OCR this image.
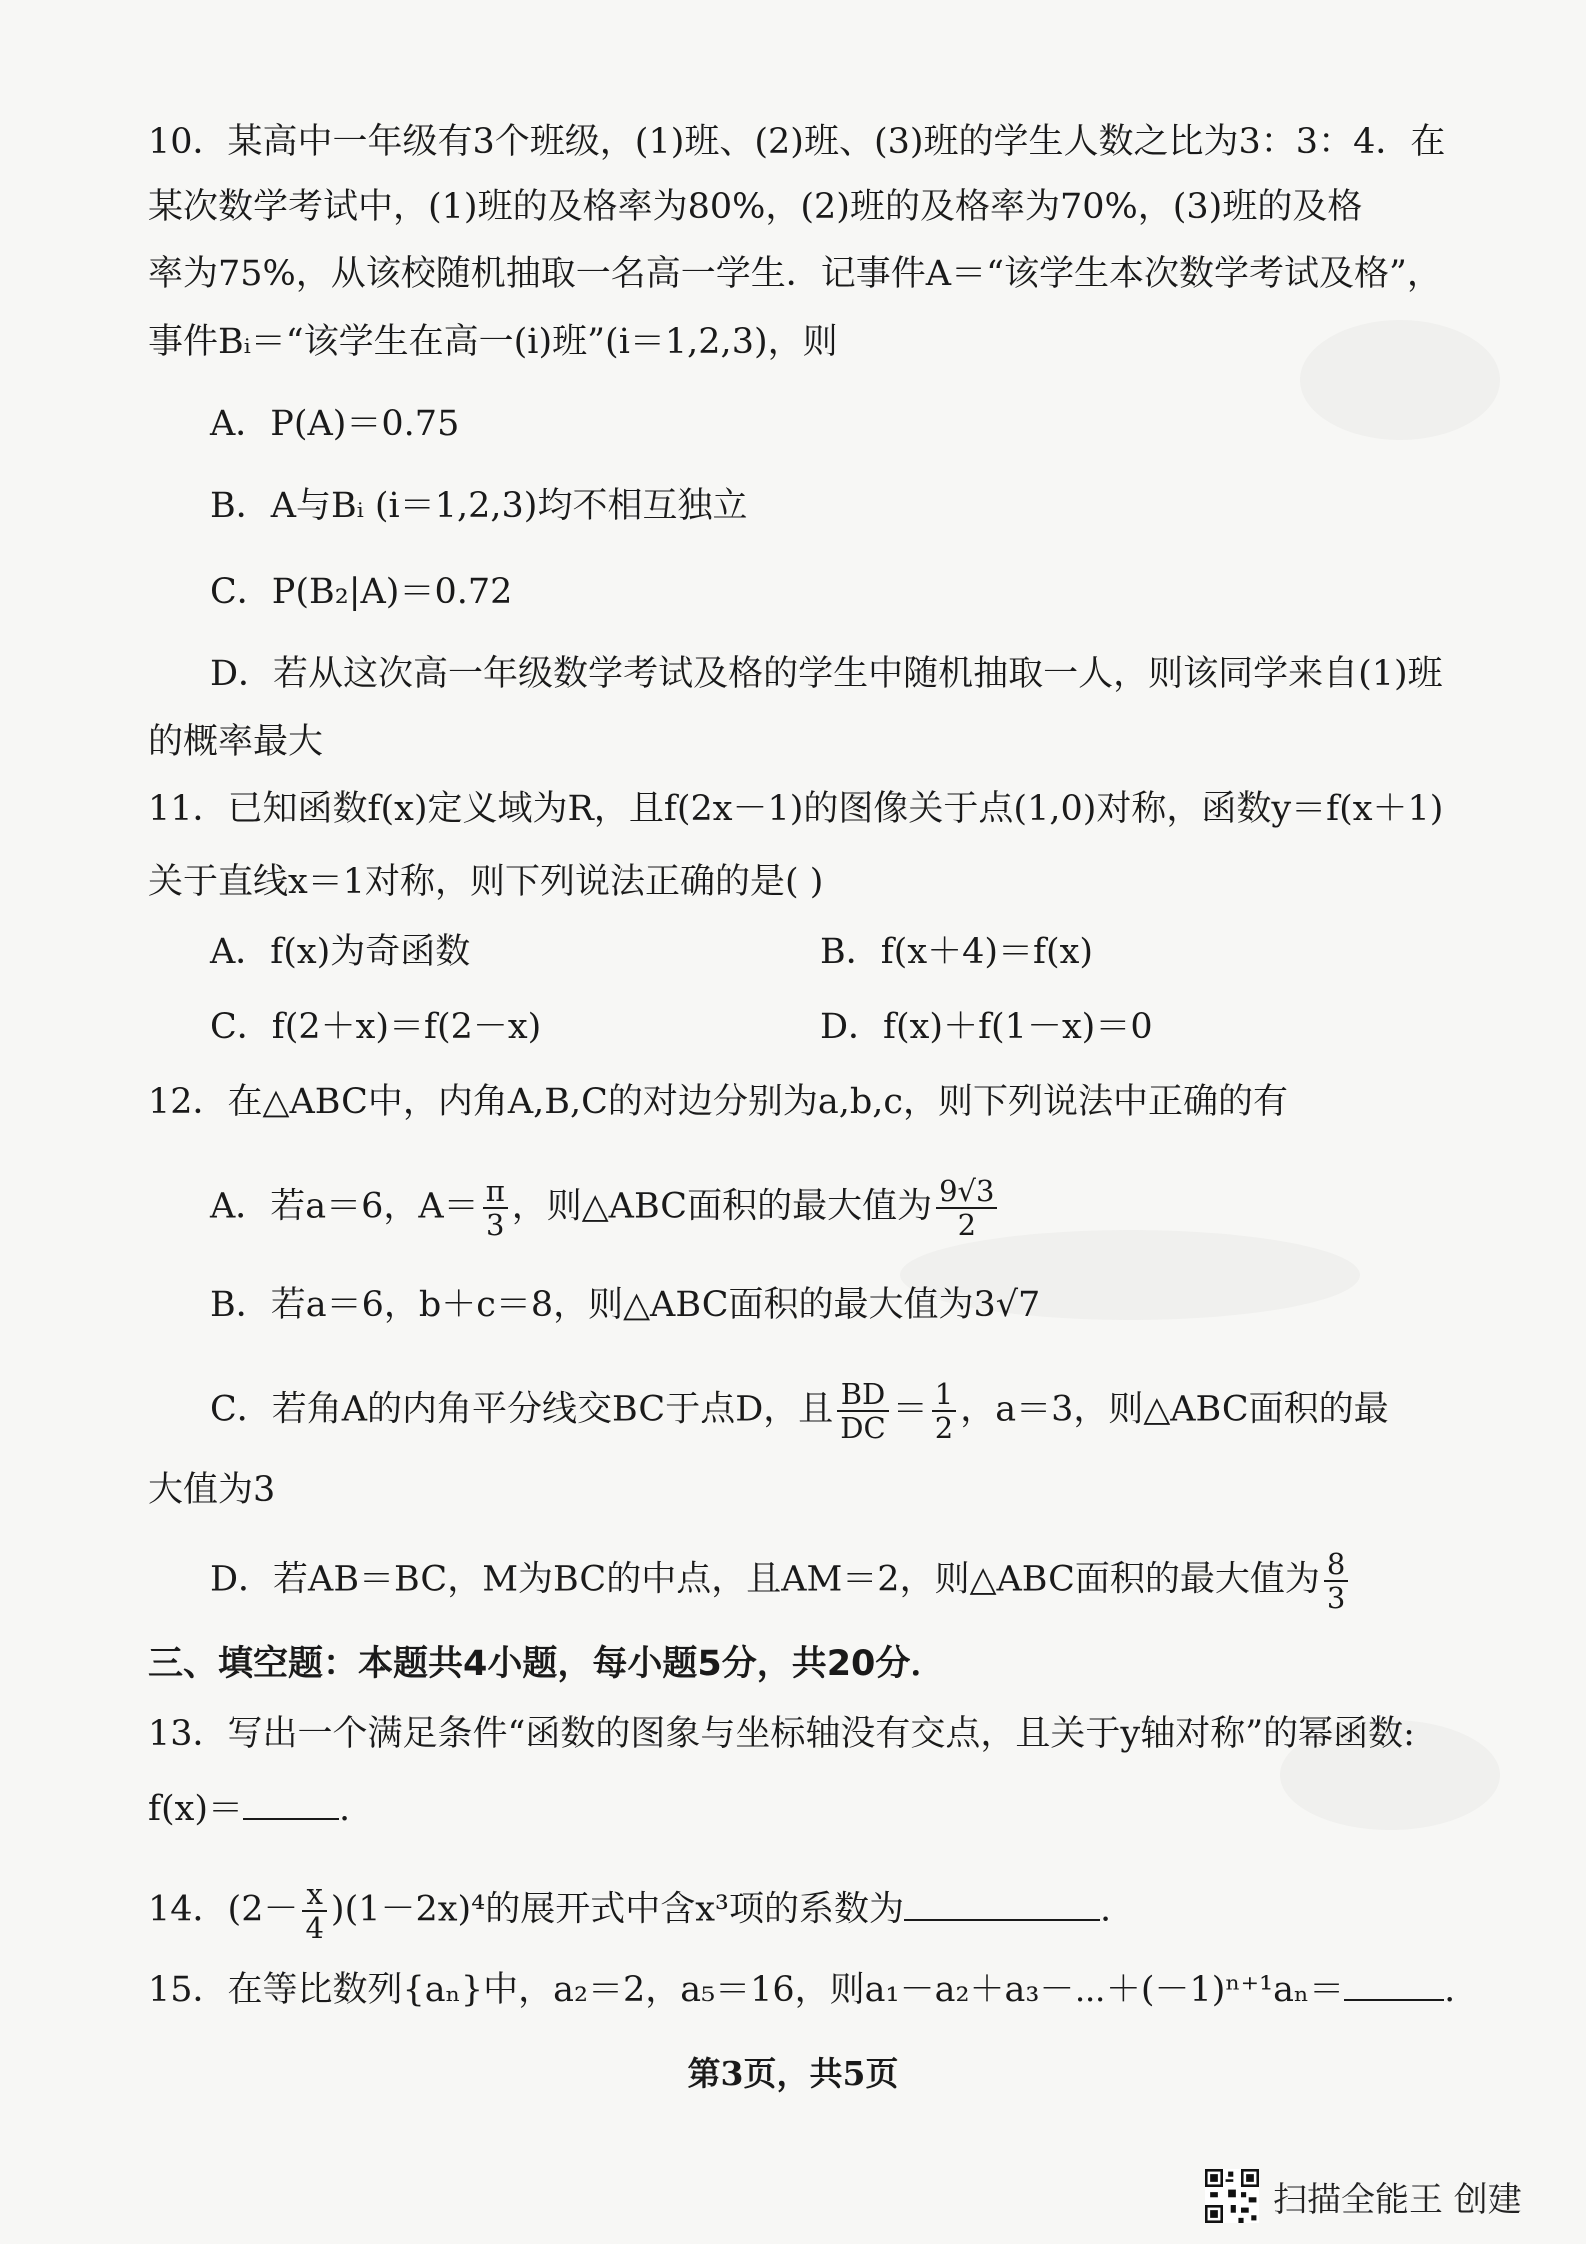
10．某高中一年级有3个班级，(1)班、(2)班、(3)班的学生人数之比为3：3：4．在
某次数学考试中，(1)班的及格率为80%，(2)班的及格率为70%，(3)班的及格
率为75%，从该校随机抽取一名高一学生．记事件A＝“该学生本次数学考试及格”，
事件Bᵢ＝“该学生在高一(i)班”(i＝1,2,3)，则
A．P(A)＝0.75
B．A与Bᵢ (i＝1,2,3)均不相互独立
C．P(B₂|A)＝0.72
D．若从这次高一年级数学考试及格的学生中随机抽取一人，则该同学来自(1)班
的概率最大
11．已知函数f(x)定义域为R，且f(2x－1)的图像关于点(1,0)对称，函数y＝f(x＋1)
关于直线x＝1对称，则下列说法正确的是( )
A．f(x)为奇函数	B．f(x＋4)＝f(x)
C．f(2＋x)＝f(2－x)	D．f(x)＋f(1－x)＝0
12．在△ABC中，内角A,B,C的对边分别为a,b,c，则下列说法中正确的有
A．若a＝6，$A= \frac{\pi}{3}$ ，则△ABC面积的最大值为 $\frac{9√3}{2}$
B．若a＝6，b＋c＝8，则△ABC面积的最大值为3√7
C．若角A的内角平分线交BC于点D，且 $\frac{BD}{DC} = \frac{1}{2}$ ，a＝3，则△ABC面积的最
大值为3
D．若AB＝BC，M为BC的中点，且AM＝2，则△ABC面积的最大值为 $\frac{8}{3}$
三、填空题：本题共4小题，每小题5分，共20分．
13．写出一个满足条件“函数的图象与坐标轴没有交点，且关于y轴对称”的幂函数:
f(x)＝	.
14．$(2- \frac{x}{4} )(1-2x)^4$的展开式中含x³项的系数为	.
15．在等比数列{aₙ}中，a₂＝2，a₅＝16，则a₁－a₂＋a₃－⋯＋(－1)ⁿ⁺¹aₙ＝	.
第3页，共5页
扫描全能王 创建
